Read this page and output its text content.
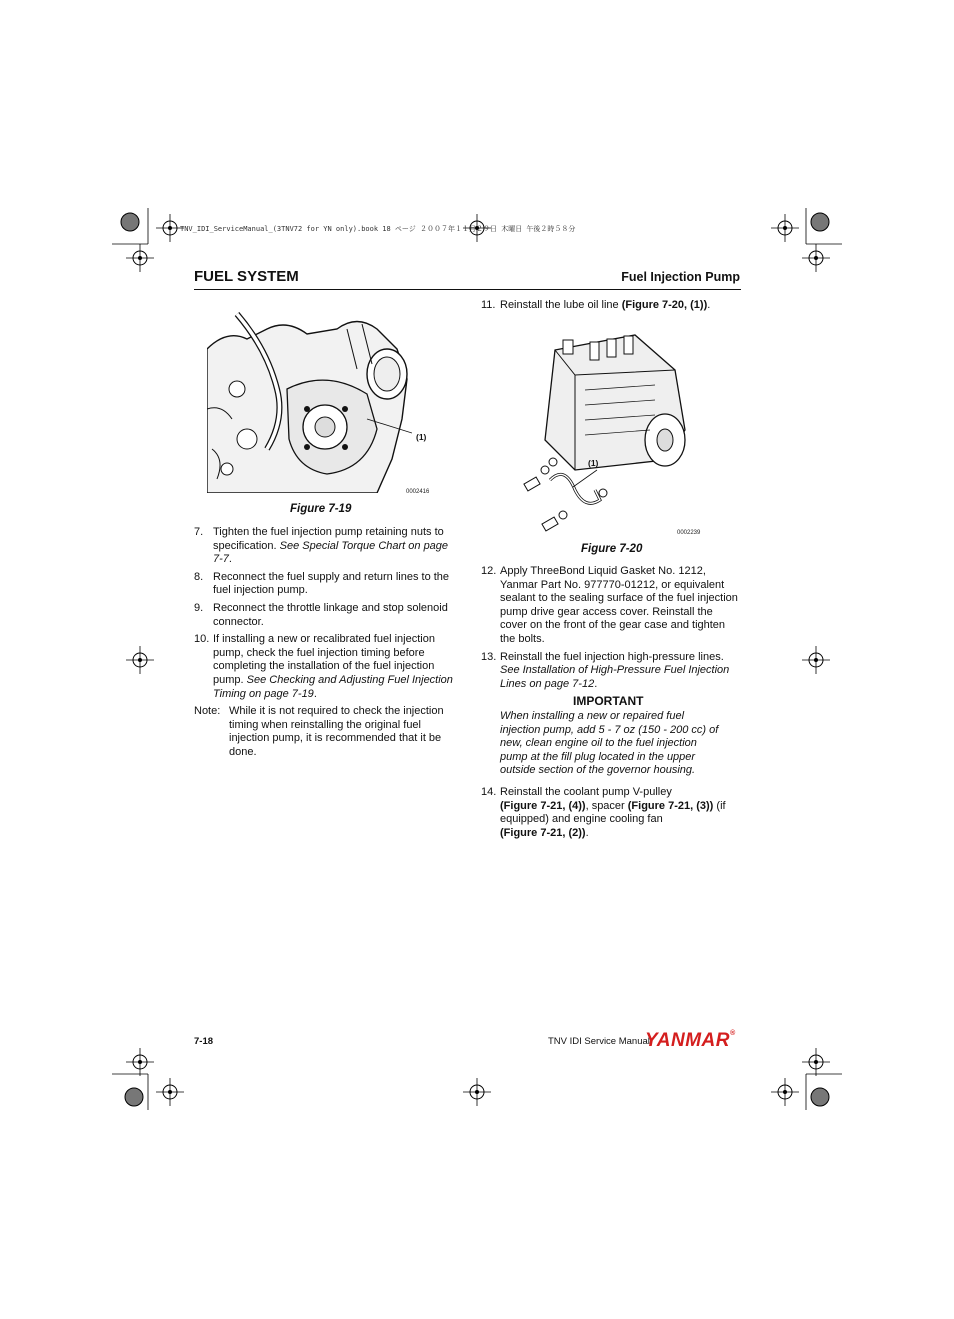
TNV_IDI_ServiceManual_(3TNV72 for YN only).book 18 ページ ２００７年１１月２９日 木曜日 午後２時５８分
FUEL SYSTEM	Fuel Injection Pump
(1)
0002416
Figure 7-19
7. Tighten the fuel injection pump retaining nuts to specification. See Special Torque Chart on page 7-7.
8. Reconnect the fuel supply and return lines to the fuel injection pump.
9. Reconnect the throttle linkage and stop solenoid connector.
10. If installing a new or recalibrated fuel injection pump, check the fuel injection timing before completing the installation of the fuel injection pump. See Checking and Adjusting Fuel Injection Timing on page 7-19.
Note: While it is not required to check the injection timing when reinstalling the original fuel injection pump, it is recommended that it be done.
11. Reinstall the lube oil line (Figure 7-20, (1)).
(1)
0002239
Figure 7-20
12. Apply ThreeBond Liquid Gasket No. 1212, Yanmar Part No. 977770-01212, or equivalent sealant to the sealing surface of the fuel injection pump drive gear access cover. Reinstall the cover on the front of the gear case and tighten the bolts.
13. Reinstall the fuel injection high-pressure lines. See Installation of High-Pressure Fuel Injection Lines on page 7-12.
IMPORTANT
When installing a new or repaired fuel injection pump, add 5 - 7 oz (150 - 200 cc) of new, clean engine oil to the fuel injection pump at the fill plug located in the upper outside section of the governor housing.
14. Reinstall the coolant pump V-pulley
(Figure 7-21, (4)), spacer (Figure 7-21, (3)) (if equipped) and engine cooling fan
(Figure 7-21, (2)).
7-18	TNV IDI Service Manual
YANMAR®
